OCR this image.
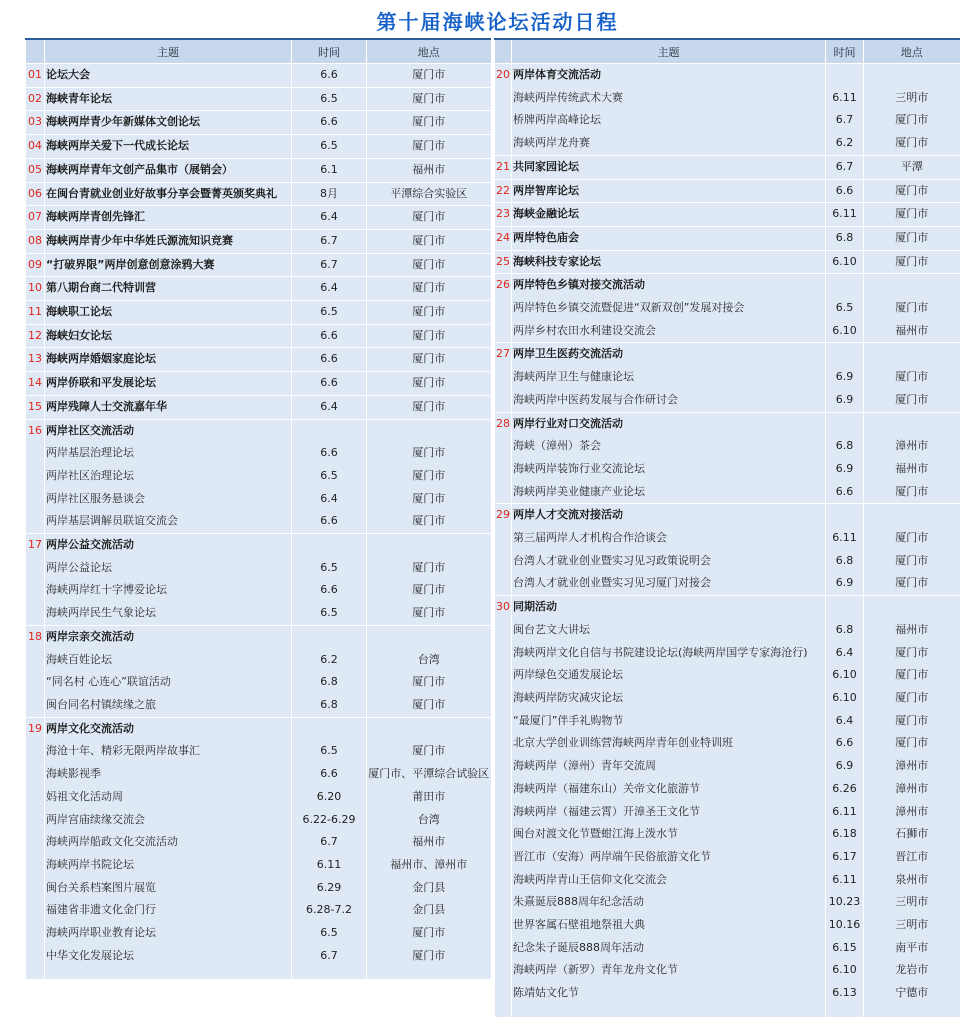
第十届海峡论坛活动日程
	主题	时间	地点
01	论坛大会	6.6	厦门市
02	海峡青年论坛	6.5	厦门市
03	海峡两岸青少年新媒体文创论坛	6.6	厦门市
04	海峡两岸关爱下一代成长论坛	6.5	厦门市
05	海峡两岸青年文创产品集市（展销会）	6.1	福州市
06	在闽台青就业创业好故事分享会暨菁英颁奖典礼	8月	平潭综合实验区
07	海峡两岸青创先锋汇	6.4	厦门市
08	海峡两岸青少年中华姓氏源流知识竞赛	6.7	厦门市
09	“打破界限”两岸创意创意涂鸦大赛	6.7	厦门市
10	第八期台商二代特训营	6.4	厦门市
11	海峡职工论坛	6.5	厦门市
12	海峡妇女论坛	6.6	厦门市
13	海峡两岸婚姻家庭论坛	6.6	厦门市
14	两岸侨联和平发展论坛	6.6	厦门市
15	两岸残障人士交流嘉年华	6.4	厦门市
16	两岸社区交流活动		
	两岸基层治理论坛	6.6	厦门市
	两岸社区治理论坛	6.5	厦门市
	两岸社区服务悬谈会	6.4	厦门市
	两岸基层调解员联谊交流会	6.6	厦门市
17	两岸公益交流活动		
	两岸公益论坛	6.5	厦门市
	海峡两岸红十字博爱论坛	6.6	厦门市
	海峡两岸民生气象论坛	6.5	厦门市
18	两岸宗亲交流活动		
	海峡百姓论坛	6.2	台湾
	“同名村 心连心”联谊活动	6.8	厦门市
	闽台同名村镇续缘之旅	6.8	厦门市
19	两岸文化交流活动		
	海沧十年、精彩无限两岸故事汇	6.5	厦门市
	海峡影视季	6.6	厦门市、平潭综合试验区
	妈祖文化活动周	6.20	莆田市
	两岸宫庙续缘交流会	6.22-6.29	台湾
	海峡两岸船政文化交流活动	6.7	福州市
	海峡两岸书院论坛	6.11	福州市、漳州市
	闽台关系档案图片展览	6.29	金门县
	福建省非遗文化金门行	6.28-7.2	金门县
	海峡两岸职业教育论坛	6.5	厦门市
	中华文化发展论坛	6.7	厦门市

	主题	时间	地点
20	两岸体育交流活动		
	海峡两岸传统武术大赛	6.11	三明市
	桥牌两岸高峰论坛	6.7	厦门市
	海峡两岸龙舟赛	6.2	厦门市
21	共同家园论坛	6.7	平潭
22	两岸智库论坛	6.6	厦门市
23	海峡金融论坛	6.11	厦门市
24	两岸特色庙会	6.8	厦门市
25	海峡科技专家论坛	6.10	厦门市
26	两岸特色乡镇对接交流活动		
	两岸特色乡镇交流暨促进“双新双创”发展对接会	6.5	厦门市
	两岸乡村农田水利建设交流会	6.10	福州市
27	两岸卫生医药交流活动		
	海峡两岸卫生与健康论坛	6.9	厦门市
	海峡两岸中医药发展与合作研讨会	6.9	厦门市
28	两岸行业对口交流活动		
	海峡（漳州）茶会	6.8	漳州市
	海峡两岸装饰行业交流论坛	6.9	福州市
	海峡两岸美业健康产业论坛	6.6	厦门市
29	两岸人才交流对接活动		
	第三届两岸人才机构合作洽谈会	6.11	厦门市
	台湾人才就业创业暨实习见习政策说明会	6.8	厦门市
	台湾人才就业创业暨实习见习厦门对接会	6.9	厦门市
30	同期活动		
	闽台艺文大讲坛	6.8	福州市
	海峡两岸文化自信与书院建设论坛(海峡两岸国学专家海沧行)	6.4	厦门市
	两岸绿色交通发展论坛	6.10	厦门市
	海峡两岸防灾减灾论坛	6.10	厦门市
	“最厦门”伴手礼购物节	6.4	厦门市
	北京大学创业训练营海峡两岸青年创业特训班	6.6	厦门市
	海峡两岸（漳州）青年交流周	6.9	漳州市
	海峡两岸（福建东山）关帝文化旅游节	6.26	漳州市
	海峡两岸（福建云霄）开漳圣王文化节	6.11	漳州市
	闽台对渡文化节暨蚶江海上泼水节	6.18	石狮市
	晋江市（安海）两岸端午民俗旅游文化节	6.17	晋江市
	海峡两岸青山王信仰文化交流会	6.11	泉州市
	朱熹诞辰888周年纪念活动	10.23	三明市
	世界客属石壁祖地祭祖大典	10.16	三明市
	纪念朱子诞辰888周年活动	6.15	南平市
	海峡两岸（新罗）青年龙舟文化节	6.10	龙岩市
	陈靖姑文化节	6.13	宁德市
